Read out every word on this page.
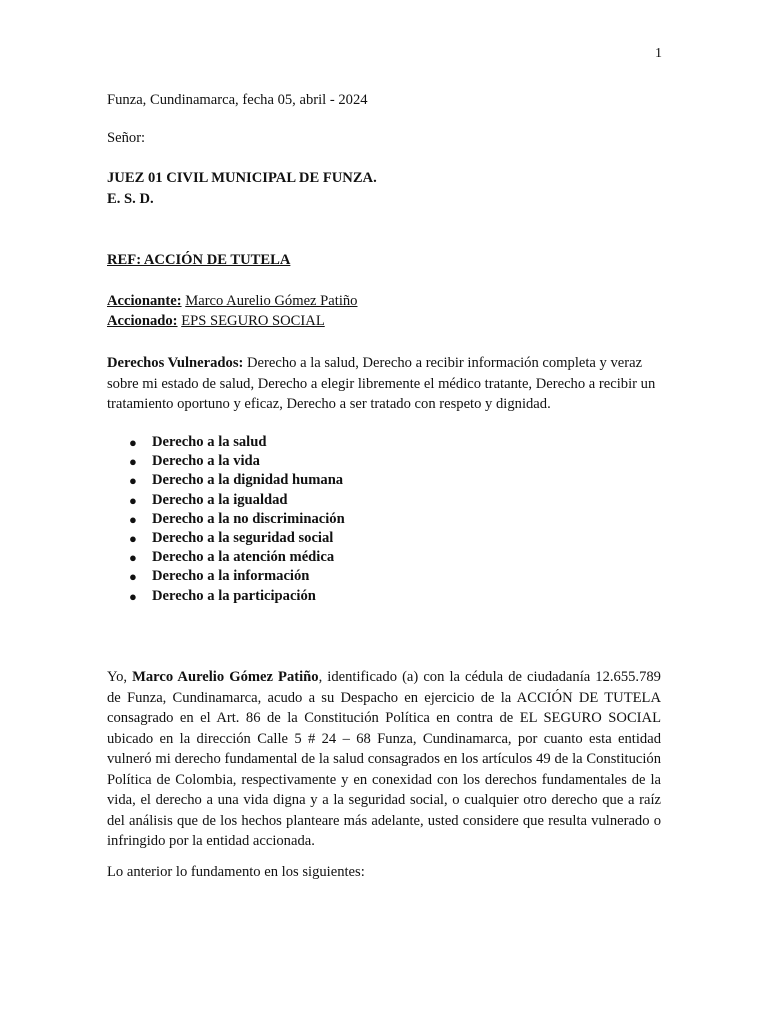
1

Funza, Cundinamarca, fecha 05, abril - 2024

Señor:

JUEZ 01 CIVIL MUNICIPAL DE FUNZA.

E. S. D.

REF: ACCIÓN DE TUTELA

Accionante: Marco Aurelio Gómez Patiño

Accionado: EPS SEGURO SOCIAL

Derechos Vulnerados: Derecho a la salud, Derecho a recibir información completa y veraz sobre mi estado de salud, Derecho a elegir libremente el médico tratante, Derecho a recibir un tratamiento oportuno y eficaz, Derecho a ser tratado con respeto y dignidad.

● Derecho a la salud
● Derecho a la vida
● Derecho a la dignidad humana
● Derecho a la igualdad
● Derecho a la no discriminación
● Derecho a la seguridad social
● Derecho a la atención médica
● Derecho a la información
● Derecho a la participación

Yo, Marco Aurelio Gómez Patiño, identificado (a) con la cédula de ciudadanía 12.655.789 de Funza, Cundinamarca, acudo a su Despacho en ejercicio de la ACCIÓN DE TUTELA consagrado en el Art. 86 de la Constitución Política en contra de EL SEGURO SOCIAL ubicado en la dirección Calle 5 # 24 – 68 Funza, Cundinamarca, por cuanto esta entidad vulneró mi derecho fundamental de la salud consagrados en los artículos 49 de la Constitución Política de Colombia, respectivamente y en conexidad con los derechos fundamentales de la vida, el derecho a una vida digna y a la seguridad social, o cualquier otro derecho que a raíz del análisis que de los hechos planteare más adelante, usted considere que resulta vulnerado o infringido por la entidad accionada.

Lo anterior lo fundamento en los siguientes:
